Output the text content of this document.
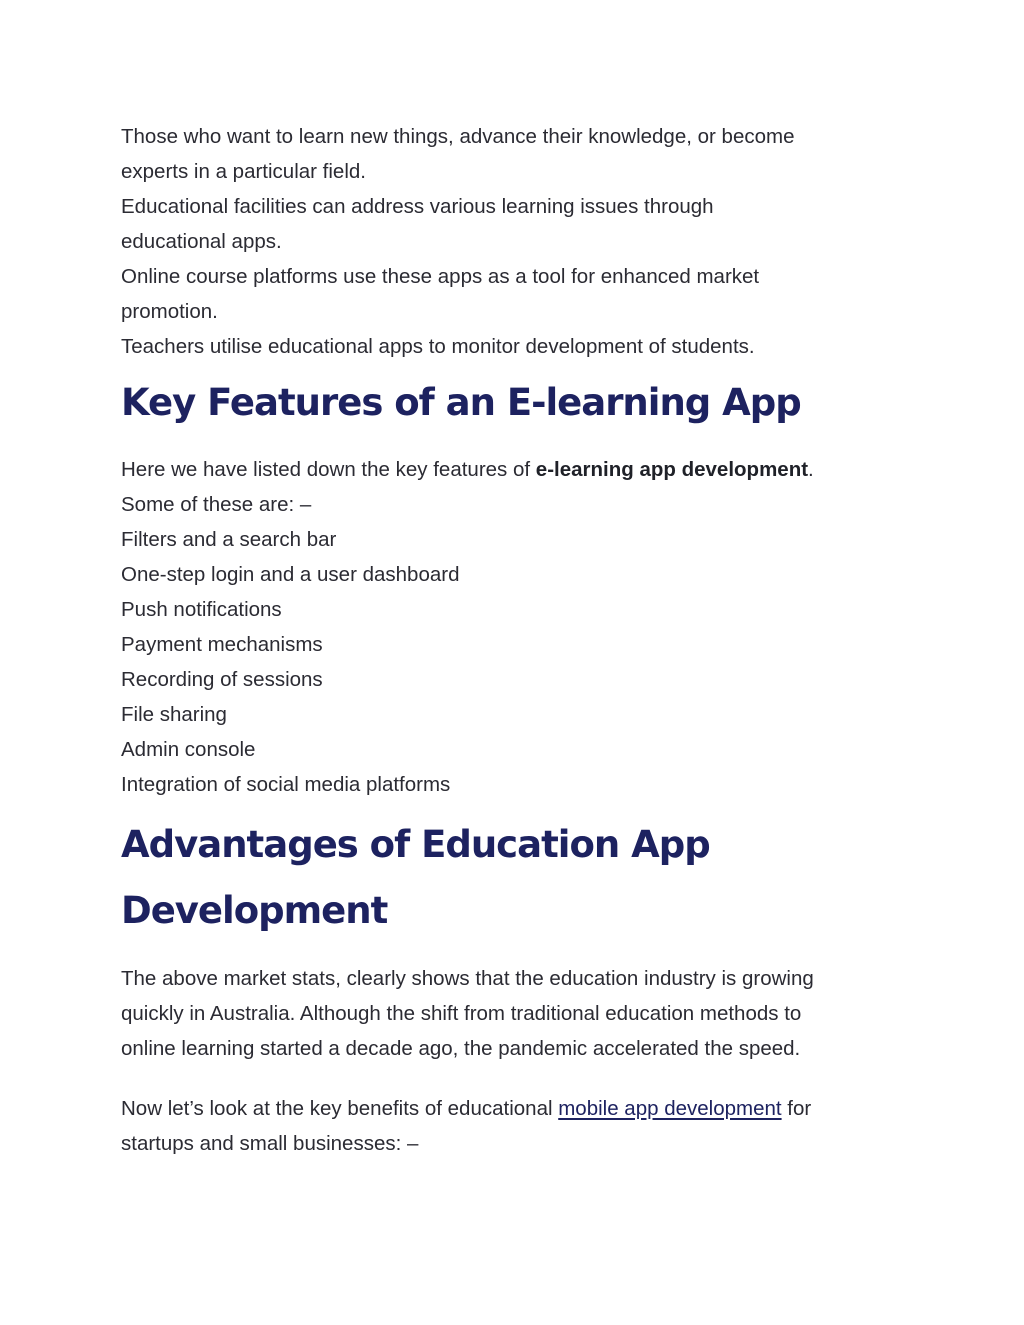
Those who want to learn new things, advance their knowledge, or become

experts in a particular field.

Educational facilities can address various learning issues through

educational apps.

Online course platforms use these apps as a tool for enhanced market

promotion.

Teachers utilise educational apps to monitor development of students.

Key Features of an E-learning App

Here we have listed down the key features of e-learning app development.

Some of these are: –

Filters and a search bar
One-step login and a user dashboard
Push notifications
Payment mechanisms
Recording of sessions
File sharing
Admin console
Integration of social media platforms
Advantages of Education App
Development

The above market stats, clearly shows that the education industry is growing

quickly in Australia. Although the shift from traditional education methods to

online learning started a decade ago, the pandemic accelerated the speed.

Now let’s look at the key benefits of educational mobile app development for

startups and small businesses: –
